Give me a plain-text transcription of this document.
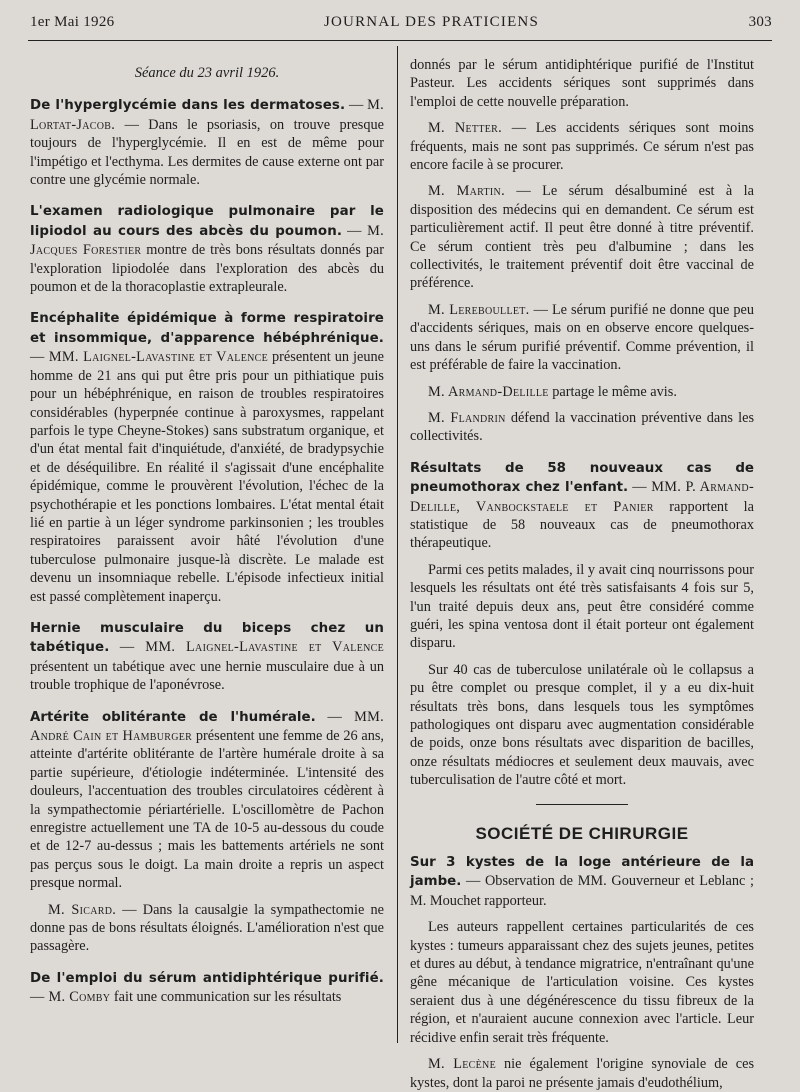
1er Mai 1926	JOURNAL DES PRATICIENS	303

Séance du 23 avril 1926.

De l'hyperglycémie dans les dermatoses. — M. Lortat-Jacob. — Dans le psoriasis, on trouve presque toujours de l'hyperglycémie. Il en est de même pour l'impétigo et l'ecthyma. Les dermites de cause externe ont par contre une glycémie normale.

L'examen radiologique pulmonaire par le lipiodol au cours des abcès du poumon. — M. Jacques Forestier montre de très bons résultats donnés par l'exploration lipiodolée dans l'exploration des abcès du poumon et de la thoracoplastie extrapleurale.

Encéphalite épidémique à forme respiratoire et insommique, d'apparence hébéphrénique. — MM. Laignel-Lavastine et Valence présentent un jeune homme de 21 ans qui put être pris pour un pithiatique puis pour un hébéphrénique, en raison de troubles respiratoires considérables (hyperpnée continue à paroxysmes, rappelant parfois le type Cheyne-Stokes) sans substratum organique, et d'un état mental fait d'inquiétude, d'anxiété, de bradypsychie et de déséquilibre. En réalité il s'agissait d'une encéphalite épidémique, comme le prouvèrent l'évolution, l'échec de la psychothérapie et les ponctions lombaires. L'état mental était lié en partie à un léger syndrome parkinsonien ; les troubles respiratoires paraissent avoir hâté l'évolution d'une tuberculose pulmonaire jusque-là discrète. Le malade est devenu un insomniaque rebelle. L'épisode infectieux initial est passé complètement inaperçu.

Hernie musculaire du biceps chez un tabétique. — MM. Laignel-Lavastine et Valence présentent un tabétique avec une hernie musculaire due à un trouble trophique de l'aponévrose.

Artérite oblitérante de l'humérale. — MM. André Cain et Hamburger présentent une femme de 26 ans, atteinte d'artérite oblitérante de l'artère humérale droite à sa partie supérieure, d'étiologie indéterminée. L'intensité des douleurs, l'accentuation des troubles circulatoires cédèrent à la sympathectomie périartérielle. L'oscillomètre de Pachon enregistre actuellement une TA de 10-5 au-dessous du coude et de 12-7 au-dessus ; mais les battements artériels ne sont pas perçus sous le doigt. La main droite a repris un aspect presque normal.

M. Sicard. — Dans la causalgie la sympathectomie ne donne pas de bons résultats éloignés. L'amélioration n'est que passagère.

De l'emploi du sérum antidiphtérique purifié. — M. Comby fait une communication sur les résultats

donnés par le sérum antidiphtérique purifié de l'Institut Pasteur. Les accidents sériques sont supprimés dans l'emploi de cette nouvelle préparation.

M. Netter. — Les accidents sériques sont moins fréquents, mais ne sont pas supprimés. Ce sérum n'est pas encore facile à se procurer.

M. Martin. — Le sérum désalbuminé est à la disposition des médecins qui en demandent. Ce sérum est particulièrement actif. Il peut être donné à titre préventif. Ce sérum contient très peu d'albumine ; dans les collectivités, le traitement préventif doit être vaccinal de préférence.

M. Lereboullet. — Le sérum purifié ne donne que peu d'accidents sériques, mais on en observe encore quelques-uns dans le sérum purifié préventif. Comme prévention, il est préférable de faire la vaccination.

M. Armand-Delille partage le même avis.

M. Flandrin défend la vaccination préventive dans les collectivités.

Résultats de 58 nouveaux cas de pneumothorax chez l'enfant. — MM. P. Armand-Delille, Vanbockstaele et Panier rapportent la statistique de 58 nouveaux cas de pneumothorax thérapeutique.

Parmi ces petits malades, il y avait cinq nourrissons pour lesquels les résultats ont été très satisfaisants 4 fois sur 5, l'un traité depuis deux ans, peut être considéré comme guéri, les spina ventosa dont il était porteur ont également disparu.

Sur 40 cas de tuberculose unilatérale où le collapsus a pu être complet ou presque complet, il y a eu dix-huit résultats très bons, dans lesquels tous les symptômes pathologiques ont disparu avec augmentation considérable de poids, onze bons résultats avec disparition de bacilles, onze résultats médiocres et seulement deux mauvais, avec tuberculisation de l'autre côté et mort.

SOCIÉTÉ DE CHIRURGIE

Sur 3 kystes de la loge antérieure de la jambe. — Observation de MM. Gouverneur et Leblanc ; M. Mouchet rapporteur.

Les auteurs rappellent certaines particularités de ces kystes : tumeurs apparaissant chez des sujets jeunes, petites et dures au début, à tendance migratrice, n'entraînant qu'une gêne mécanique de l'articulation voisine. Ces kystes seraient dus à une dégénérescence du tissu fibreux de la région, et n'auraient aucune connexion avec l'article. Leur récidive enfin serait très fréquente.

M. Lecène nie également l'origine synoviale de ces kystes, dont la paroi ne présente jamais d'eudothélium,
